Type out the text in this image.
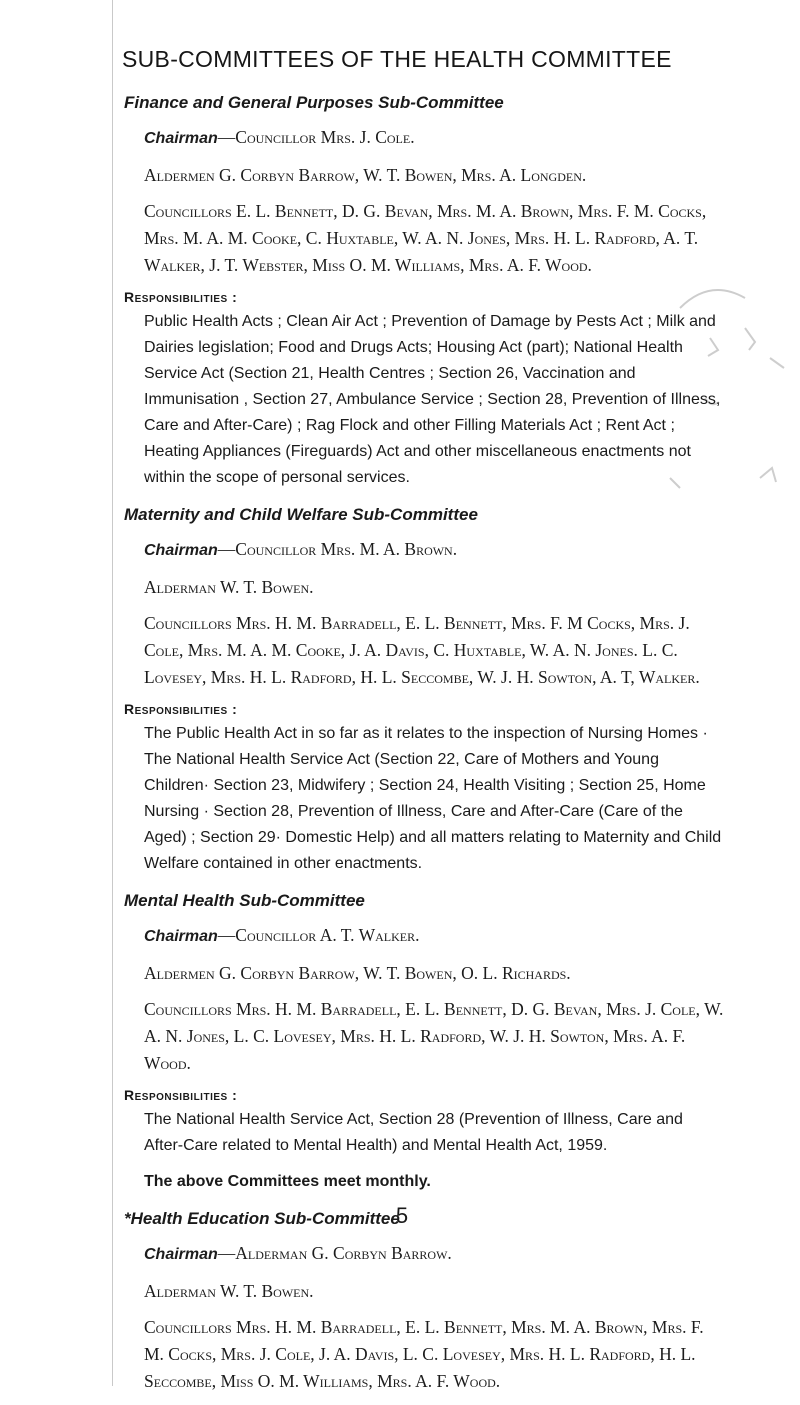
SUB-COMMITTEES OF THE HEALTH COMMITTEE
Finance and General Purposes Sub-Committee
Chairman—Councillor Mrs. J. Cole.
Aldermen G. Corbyn Barrow, W. T. Bowen, Mrs. A. Longden.
Councillors E. L. Bennett, D. G. Bevan, Mrs. M. A. Brown, Mrs. F. M. Cocks, Mrs. M. A. M. Cooke, C. Huxtable, W. A. N. Jones, Mrs. H. L. Radford, A. T. Walker, J. T. Webster, Miss O. M. Williams, Mrs. A. F. Wood.
Responsibilities :
Public Health Acts ; Clean Air Act ; Prevention of Damage by Pests Act ; Milk and Dairies legislation; Food and Drugs Acts; Housing Act (part); National Health Service Act (Section 21, Health Centres ; Section 26, Vaccination and Immunisation , Section 27, Ambulance Service ; Section 28, Prevention of Illness, Care and After-Care) ; Rag Flock and other Filling Materials Act ; Rent Act ; Heating Appliances (Fireguards) Act and other miscellaneous enactments not within the scope of personal services.
Maternity and Child Welfare Sub-Committee
Chairman—Councillor Mrs. M. A. Brown.
Alderman W. T. Bowen.
Councillors Mrs. H. M. Barradell, E. L. Bennett, Mrs. F. M Cocks, Mrs. J. Cole, Mrs. M. A. M. Cooke, J. A. Davis, C. Huxtable, W. A. N. Jones. L. C. Lovesey, Mrs. H. L. Radford, H. L. Seccombe, W. J. H. Sowton, A. T, Walker.
Responsibilities :
The Public Health Act in so far as it relates to the inspection of Nursing Homes · The National Health Service Act (Section 22, Care of Mothers and Young Children· Section 23, Midwifery ; Section 24, Health Visiting ; Section 25, Home Nursing · Section 28, Prevention of Illness, Care and After-Care (Care of the Aged) ; Section 29· Domestic Help) and all matters relating to Maternity and Child Welfare contained in other enactments.
Mental Health Sub-Committee
Chairman—Councillor A. T. Walker.
Aldermen G. Corbyn Barrow, W. T. Bowen, O. L. Richards.
Councillors Mrs. H. M. Barradell, E. L. Bennett, D. G. Bevan, Mrs. J. Cole, W. A. N. Jones, L. C. Lovesey, Mrs. H. L. Radford, W. J. H. Sowton, Mrs. A. F. Wood.
Responsibilities :
The National Health Service Act, Section 28 (Prevention of Illness, Care and After-Care related to Mental Health) and Mental Health Act, 1959.
The above Committees meet monthly.
*Health Education Sub-Committee
Chairman—Alderman G. Corbyn Barrow.
Alderman W. T. Bowen.
Councillors Mrs. H. M. Barradell, E. L. Bennett, Mrs. M. A. Brown, Mrs. F. M. Cocks, Mrs. J. Cole, J. A. Davis, L. C. Lovesey, Mrs. H. L. Radford, H. L. Seccombe, Miss O. M. Williams, Mrs. A. F. Wood.
5
